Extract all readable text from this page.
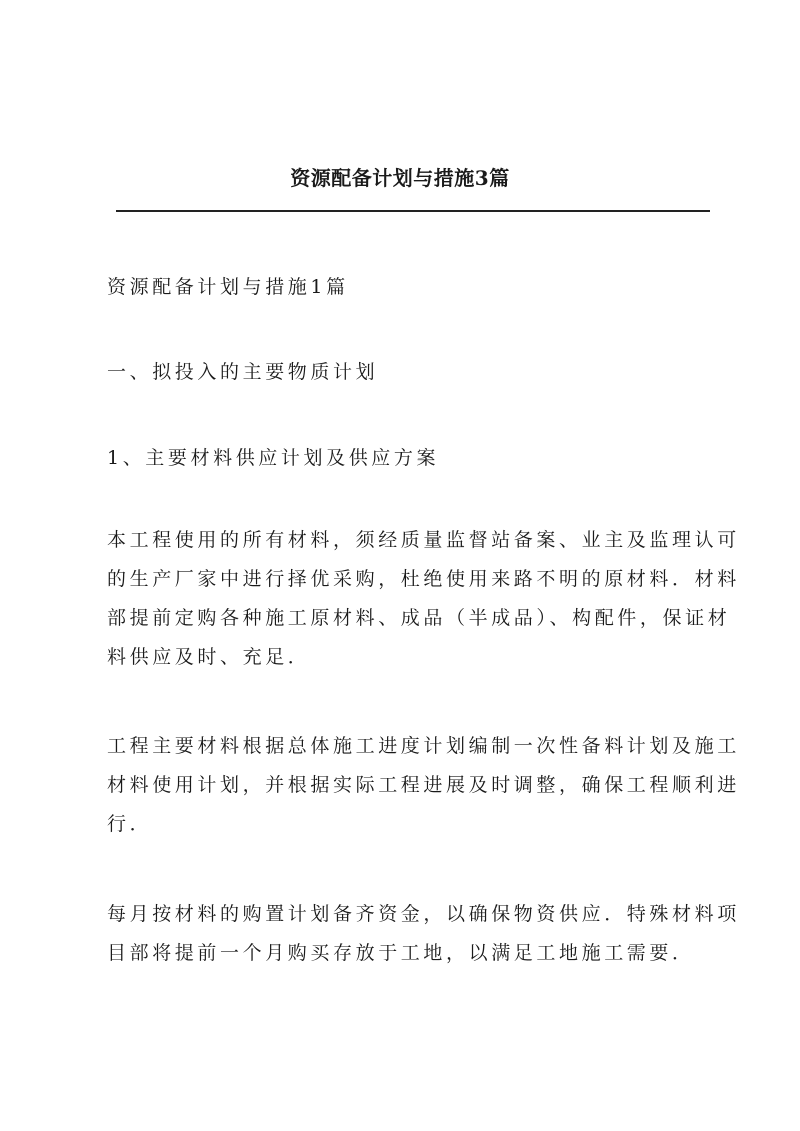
资源配备计划与措施3篇
资源配备计划与措施1篇
一、拟投入的主要物质计划
1、主要材料供应计划及供应方案
本工程使用的所有材料，须经质量监督站备案、业主及监理认可
的生产厂家中进行择优采购，杜绝使用来路不明的原材料．材料
部提前定购各种施工原材料、成品（半成品）、构配件，保证材
料供应及时、充足．
工程主要材料根据总体施工进度计划编制一次性备料计划及施工
材料使用计划，并根据实际工程进展及时调整，确保工程顺利进
行．
每月按材料的购置计划备齐资金，以确保物资供应．特殊材料项
目部将提前一个月购买存放于工地，以满足工地施工需要．
